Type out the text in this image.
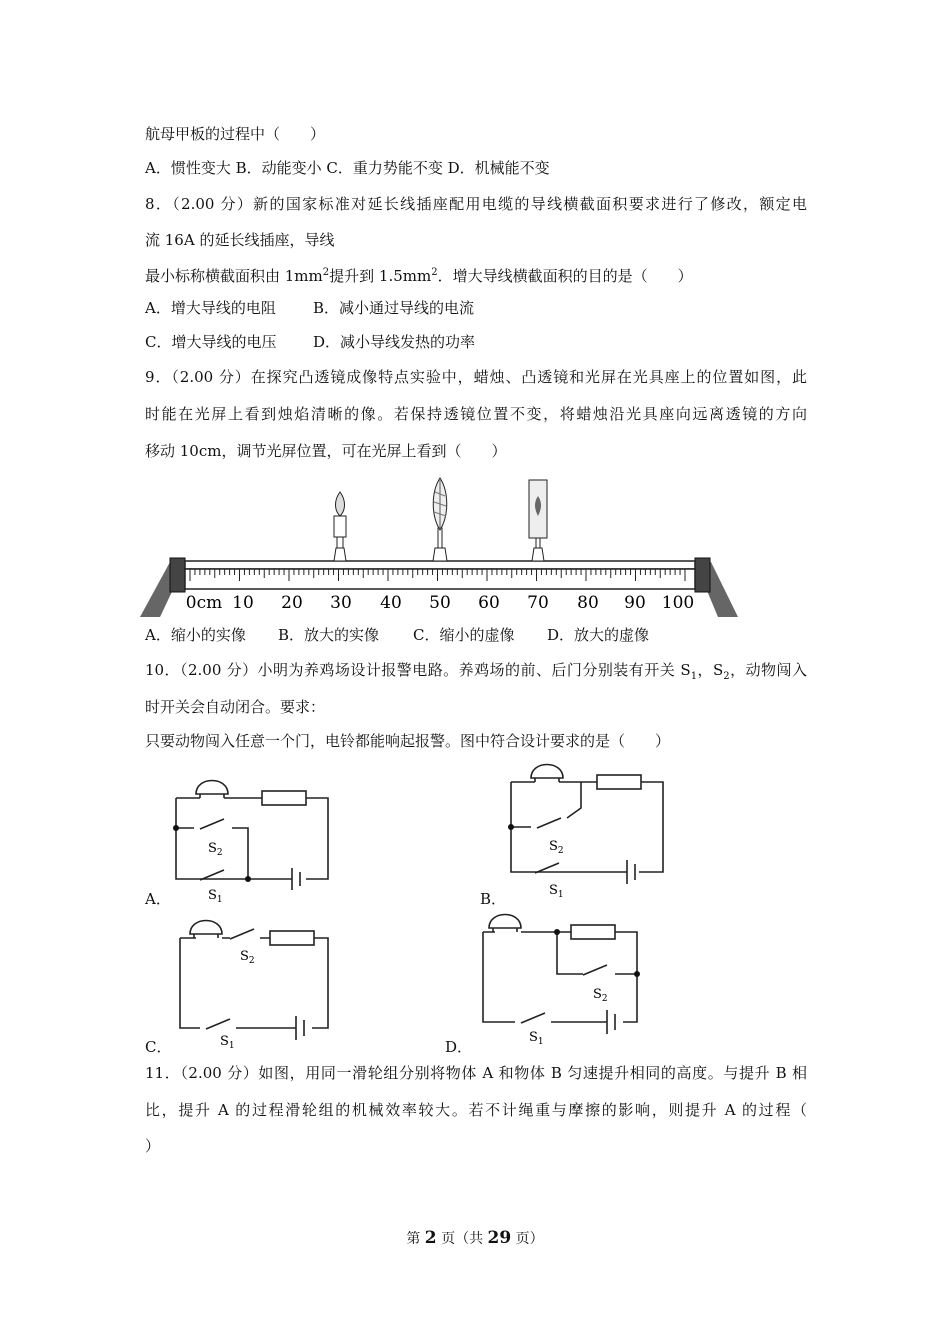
航母甲板的过程中（　　）
A．惯性变大 B．动能变小 C．重力势能不变 D．机械能不变
8．（2.00 分）新的国家标准对延长线插座配用电缆的导线横截面积要求进行了修改，额定电
流 16A 的延长线插座，导线
最小标称横截面积由 $1mm^2$提升到 $1.5mm^2$．增大导线横截面积的目的是（　　）
A．增大导线的电阻 B．减小通过导线的电流
C．增大导线的电压 D．减小导线发热的功率
9．（2.00 分）在探究凸透镜成像特点实验中，蜡烛、凸透镜和光屏在光具座上的位置如图，此
时能在光屏上看到烛焰清晰的像。若保持透镜位置不变，将蜡烛沿光具座向远离透镜的方向
移动 10cm，调节光屏位置，可在光屏上看到（　　）
0cm 10 20 30 40 50 60 70 80 90 100
A．缩小的实像 B．放大的实像 C．缩小的虚像 D．放大的虚像
10．（2.00 分）小明为养鸡场设计报警电路。养鸡场的前、后门分别装有开关 $S_1$，$S_2$，动物闯入
时开关会自动闭合。要求：
只要动物闯入任意一个门，电铃都能响起报警。图中符合设计要求的是（　　）
$S_2$
$S_1$
A．
$S_2$
$S_1$
B．
$S_2$
$S_1$
C．
$S_2$
$S_1$
D．
11．（2.00 分）如图，用同一滑轮组分别将物体 A 和物体 B 匀速提升相同的高度。与提升 B 相
比，提升 A 的过程滑轮组的机械效率较大。若不计绳重与摩擦的影响，则提升 A 的过程（
）
第 2 页（共 29 页）
